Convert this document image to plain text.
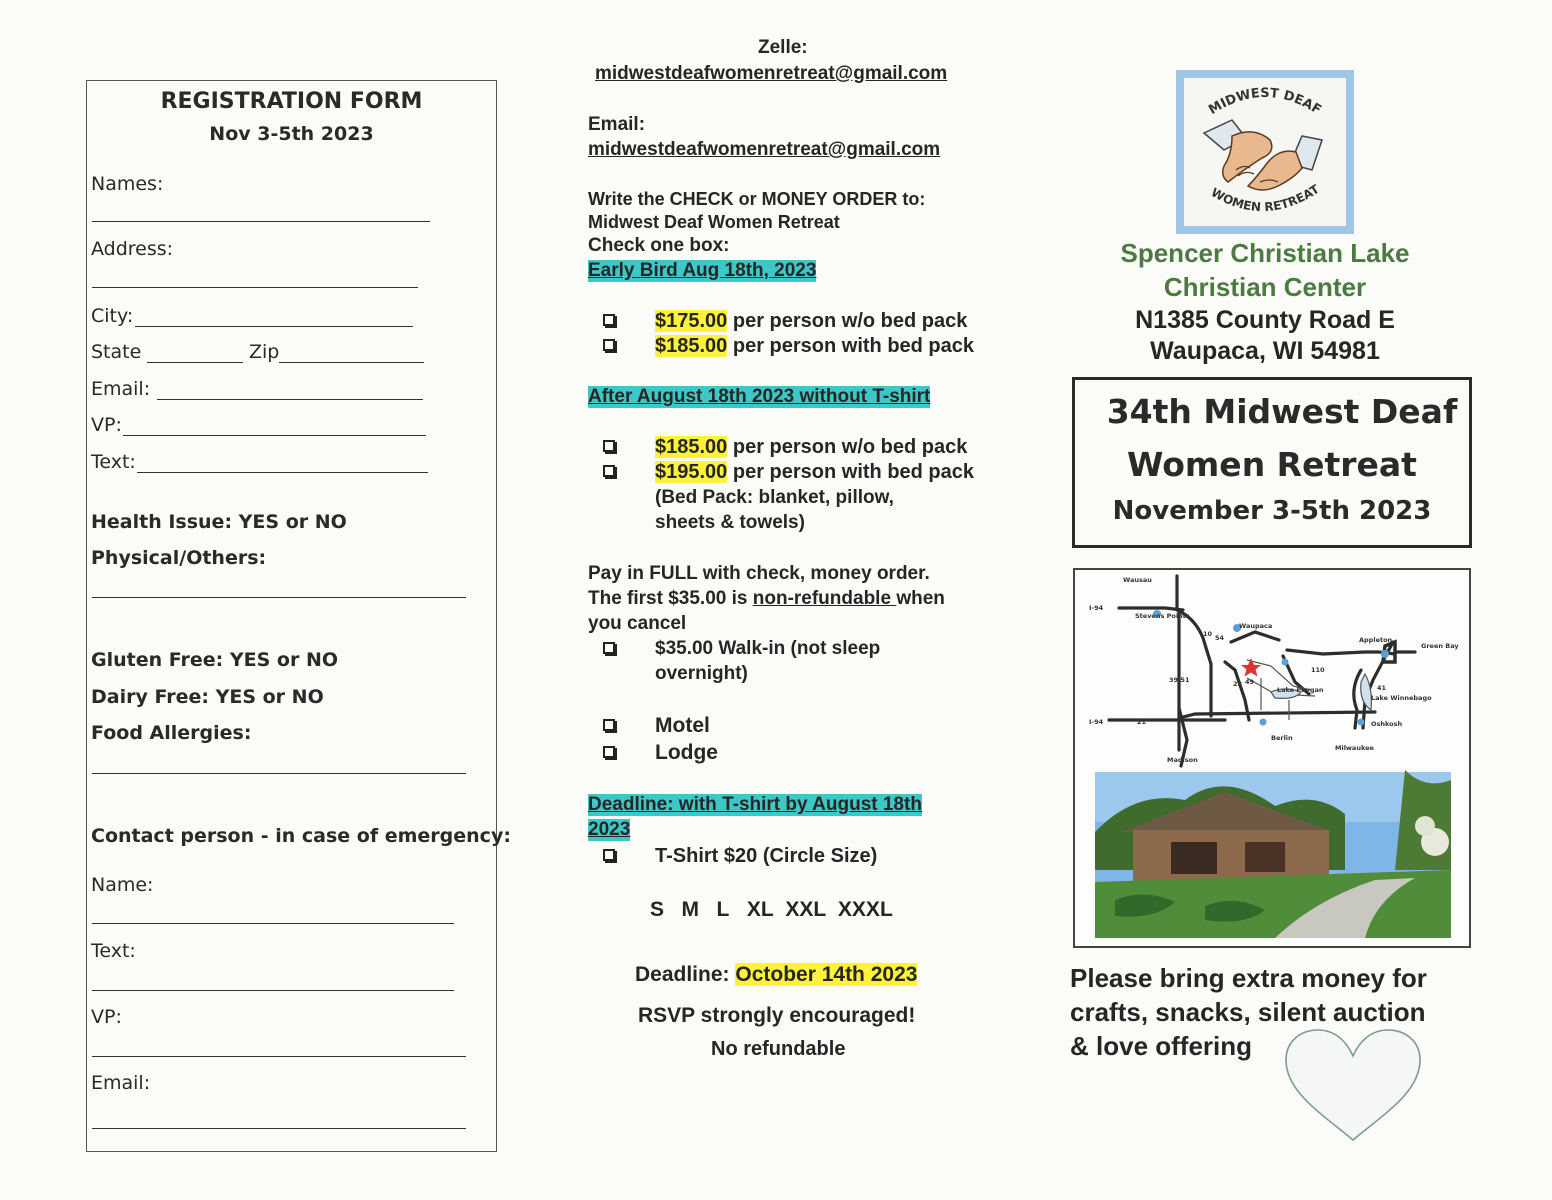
REGISTRATION FORM
Nov 3-5th 2023
Names:
Address:
City:
State	Zip
Email:
VP:
Text:
Health Issue: YES or NO
Physical/Others:
Gluten Free: YES or NO
Dairy Free: YES or NO
Food Allergies:
Contact person - in case of emergency:
Name:
Text:
VP:
Email:
Zelle:
midwestdeafwomenretreat@gmail.com
Email:
midwestdeafwomenretreat@gmail.com
Write the CHECK or MONEY ORDER to:
Midwest Deaf Women Retreat
Check one box:
Early Bird Aug 18th, 2023
$175.00 per person w/o bed pack
$185.00 per person with bed pack
After August 18th 2023 without T-shirt
$185.00 per person w/o bed pack
$195.00 per person with bed pack
(Bed Pack: blanket, pillow,
sheets & towels)
Pay in FULL with check, money order.
The first $35.00 is non-refundable when
you cancel
$35.00 Walk-in (not sleep
overnight)
Motel
Lodge
Deadline: with T-shirt by August 18th
2023
T-Shirt $20 (Circle Size)
S M L XL XXL XXXL
Deadline: October 14th 2023
RSVP strongly encouraged!
No refundable
MIDWEST DEAF
WOMEN RETREAT
Spencer Christian Lake
Christian Center
N1385 County Road E
Waupaca, WI 54981
34th Midwest Deaf
Women Retreat
November 3-5th 2023
Wausau
I-94
Stevens Points
Waupaca
Appleton
Green Bay
10 54
110
41
39/51	22 49
21
Lake Poygan
Lake Winnebago
I-94
Berlin
Oshkosh
Madison
Milwaukee
Please bring extra money for
crafts, snacks, silent auction
& love offering
